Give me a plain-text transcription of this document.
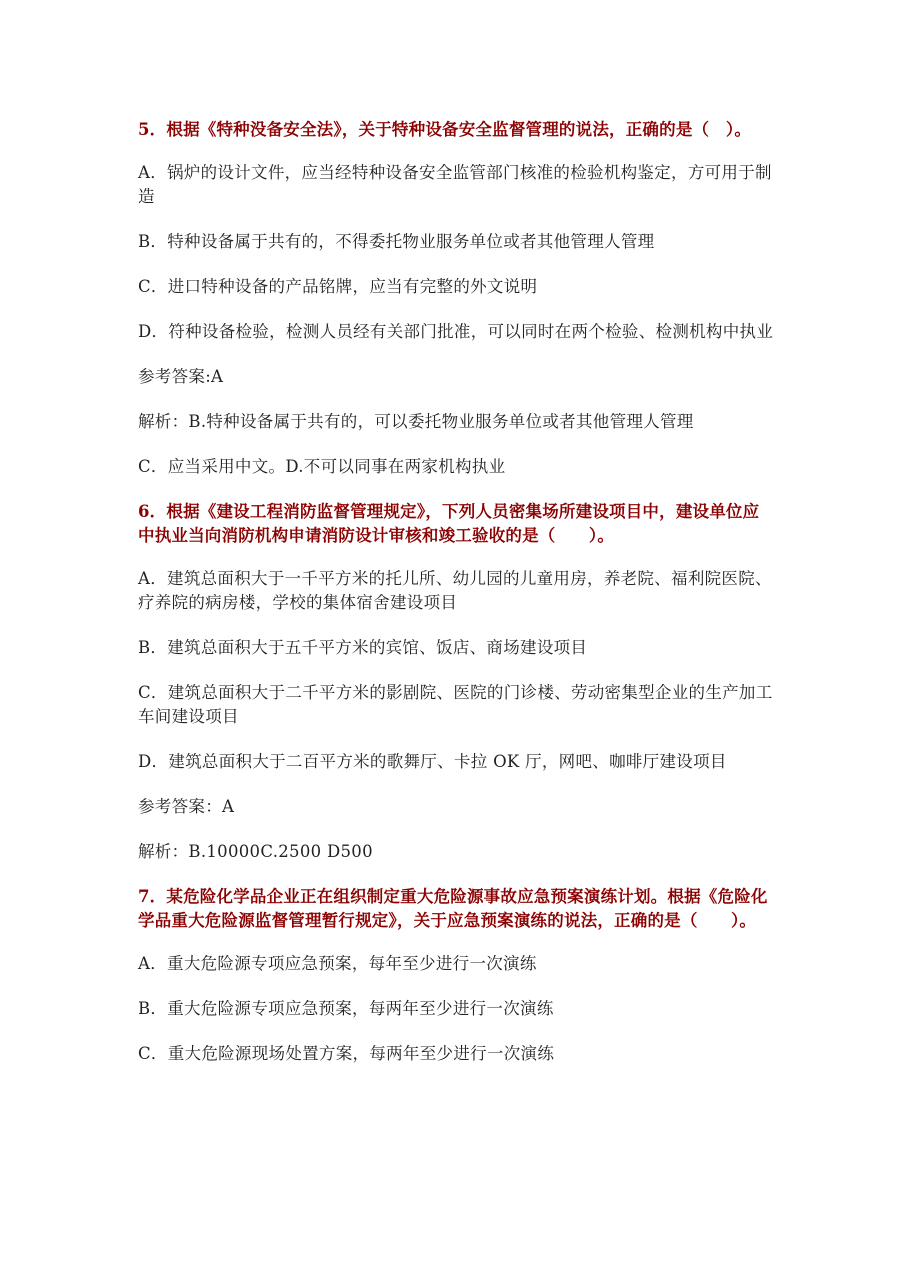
5．根据《特种没备安全法》，关于特种设备安全监督管理的说法，正确的是（　）。
A．锅炉的设计文件，应当经特种设备安全监管部门核准的检验机构鉴定，方可用于制造
B．特种设备属于共有的，不得委托物业服务单位或者其他管理人管理
C．进口特种设备的产品铭牌，应当有完整的外文说明
D．符种设备检验，检测人员经有关部门批准，可以同时在两个检验、检测机构中执业
参考答案:A
解析：B.特种设备属于共有的，可以委托物业服务单位或者其他管理人管理
C．应当采用中文。D.不可以同事在两家机构执业
6．根据《建设工程消防监督管理规定》，下列人员密集场所建设项目中，建设单位应中执业当向消防机构申请消防设计审核和竣工验收的是（　　）。
A．建筑总面积大于一千平方米的托儿所、幼儿园的儿童用房，养老院、福利院医院、疗养院的病房楼，学校的集体宿舍建设项目
B．建筑总面积大于五千平方米的宾馆、饭店、商场建设项目
C．建筑总面积大于二千平方米的影剧院、医院的门诊楼、劳动密集型企业的生产加工车间建设项目
D．建筑总面积大于二百平方米的歌舞厅、卡拉 OK 厅，网吧、咖啡厅建设项目
参考答案：A
解析：B.10000C.2500 D500
7．某危险化学品企业正在组织制定重大危险源事故应急预案演练计划。根据《危险化学品重大危险源监督管理暂行规定》，关于应急预案演练的说法，正确的是（　　）。
A．重大危险源专项应急预案，每年至少进行一次演练
B．重大危险源专项应急预案，每两年至少进行一次演练
C．重大危险源现场处置方案，每两年至少进行一次演练
